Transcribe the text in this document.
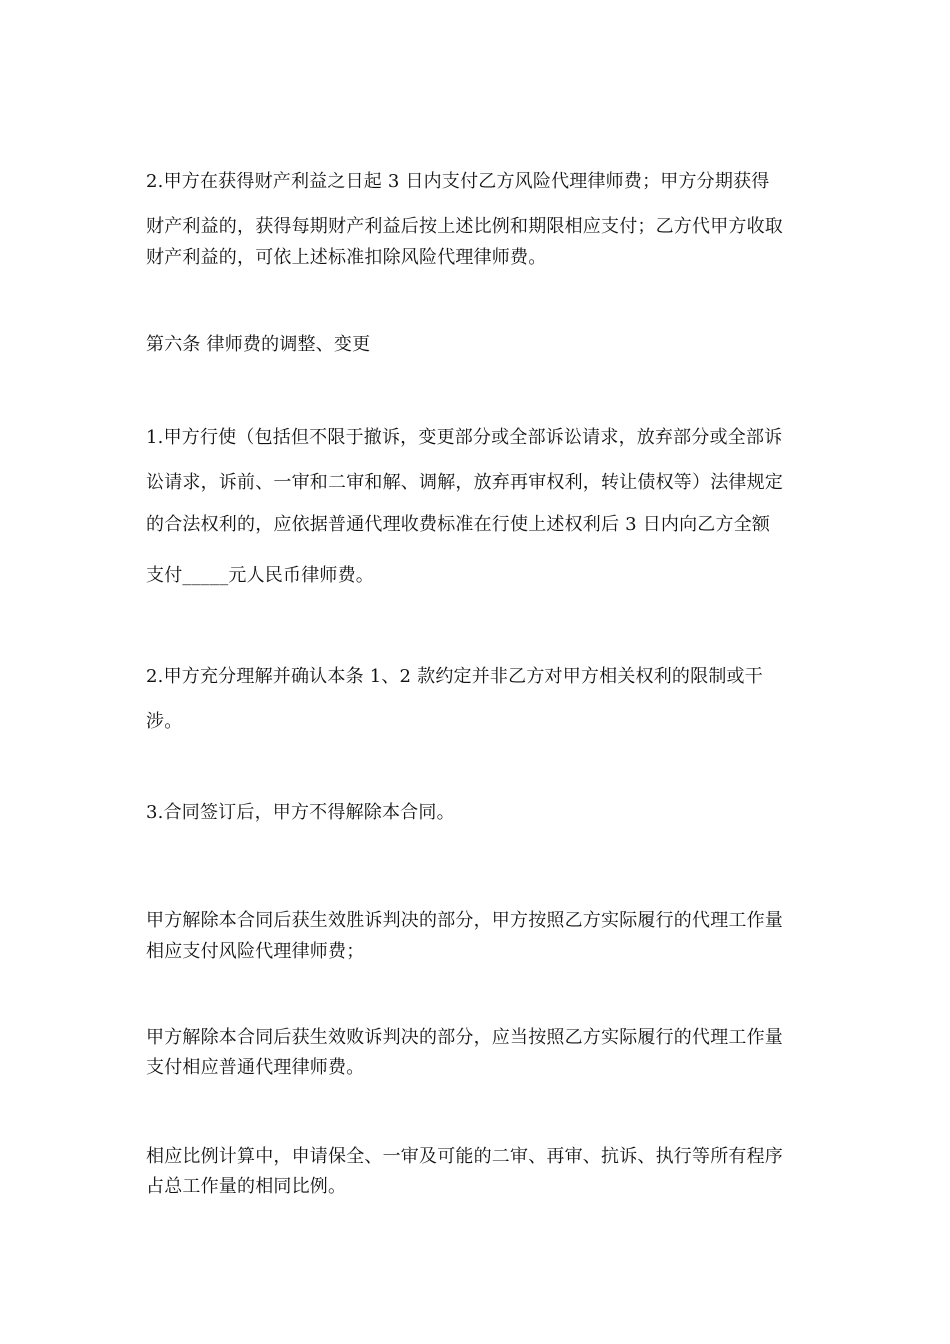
2.甲方在获得财产利益之日起 3 日内支付乙方风险代理律师费；甲方分期获得

财产利益的，获得每期财产利益后按上述比例和期限相应支付；乙方代甲方收取

财产利益的，可依上述标准扣除风险代理律师费。

第六条 律师费的调整、变更

1.甲方行使（包括但不限于撤诉，变更部分或全部诉讼请求，放弃部分或全部诉

讼请求，诉前、一审和二审和解、调解，放弃再审权利，转让债权等）法律规定

的合法权利的，应依据普通代理收费标准在行使上述权利后 3 日内向乙方全额

支付_____元人民币律师费。

2.甲方充分理解并确认本条 1、2 款约定并非乙方对甲方相关权利的限制或干

涉。

3.合同签订后，甲方不得解除本合同。

甲方解除本合同后获生效胜诉判决的部分，甲方按照乙方实际履行的代理工作量

相应支付风险代理律师费；

甲方解除本合同后获生效败诉判决的部分，应当按照乙方实际履行的代理工作量

支付相应普通代理律师费。

相应比例计算中，申请保全、一审及可能的二审、再审、抗诉、执行等所有程序

占总工作量的相同比例。
